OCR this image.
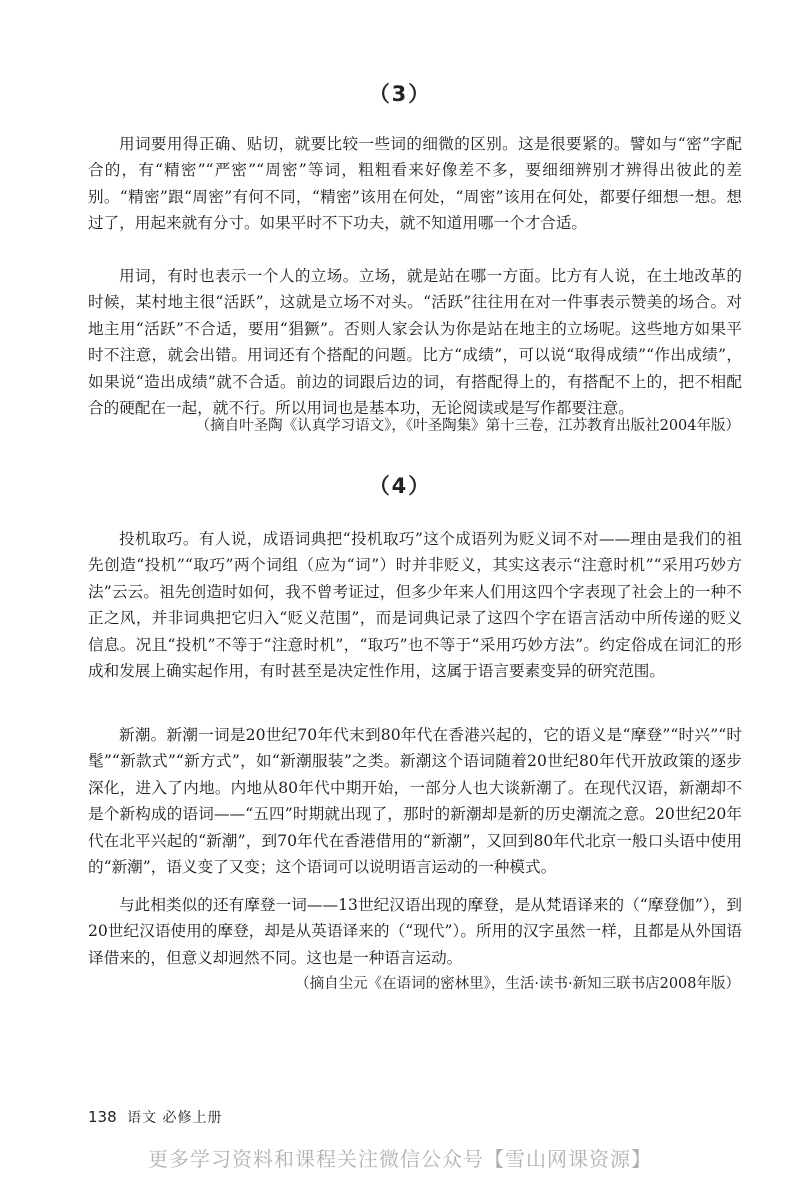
（3）

用词要用得正确、贴切，就要比较一些词的细微的区别。这是很要紧的。譬如与“密”字配合的，有“精密”“严密”“周密”等词，粗粗看来好像差不多，要细细辨别才辨得出彼此的差别。“精密”跟“周密”有何不同，“精密”该用在何处，“周密”该用在何处，都要仔细想一想。想过了，用起来就有分寸。如果平时不下功夫，就不知道用哪一个才合适。

用词，有时也表示一个人的立场。立场，就是站在哪一方面。比方有人说，在土地改革的时候，某村地主很“活跃”，这就是立场不对头。“活跃”往往用在对一件事表示赞美的场合。对地主用“活跃”不合适，要用“猖獗”。否则人家会认为你是站在地主的立场呢。这些地方如果平时不注意，就会出错。用词还有个搭配的问题。比方“成绩”，可以说“取得成绩”“作出成绩”，如果说“造出成绩”就不合适。前边的词跟后边的词，有搭配得上的，有搭配不上的，把不相配合的硬配在一起，就不行。所以用词也是基本功，无论阅读或是写作都要注意。

（摘自叶圣陶《认真学习语文》，《叶圣陶集》第十三卷，江苏教育出版社2004年版）

（4）

投机取巧。有人说，成语词典把“投机取巧”这个成语列为贬义词不对——理由是我们的祖先创造“投机”“取巧”两个词组（应为“词”）时并非贬义，其实这表示“注意时机”“采用巧妙方法”云云。祖先创造时如何，我不曾考证过，但多少年来人们用这四个字表现了社会上的一种不正之风，并非词典把它归入“贬义范围”，而是词典记录了这四个字在语言活动中所传递的贬义信息。况且“投机”不等于“注意时机”，“取巧”也不等于“采用巧妙方法”。约定俗成在词汇的形成和发展上确实起作用，有时甚至是决定性作用，这属于语言要素变异的研究范围。

新潮。新潮一词是20世纪70年代末到80年代在香港兴起的，它的语义是“摩登”“时兴”“时髦”“新款式”“新方式”，如“新潮服装”之类。新潮这个语词随着20世纪80年代开放政策的逐步深化，进入了内地。内地从80年代中期开始，一部分人也大谈新潮了。在现代汉语，新潮却不是个新构成的语词——“五四”时期就出现了，那时的新潮却是新的历史潮流之意。20世纪20年代在北平兴起的“新潮”，到70年代在香港借用的“新潮”，又回到80年代北京一般口头语中使用的“新潮”，语义变了又变；这个语词可以说明语言运动的一种模式。

与此相类似的还有摩登一词——13世纪汉语出现的摩登，是从梵语译来的（“摩登伽”），到20世纪汉语使用的摩登，却是从英语译来的（“现代”）。所用的汉字虽然一样，且都是从外国语译借来的，但意义却迥然不同。这也是一种语言运动。

（摘自尘元《在语词的密林里》，生活·读书·新知三联书店2008年版）

138 语文 必修上册
更多学习资料和课程关注微信公众号【雪山网课资源】
